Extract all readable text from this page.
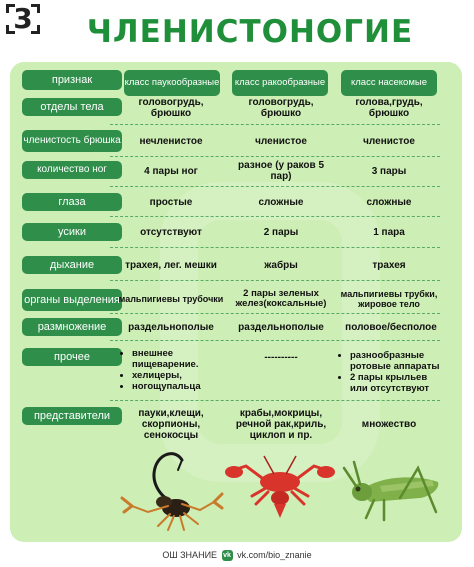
3	ЧЛЕНИСТОНОГИЕ
признак	класс паукообразные	класс ракообразные	класс насекомые
отделы тела
членистость брюшка
количество ног
глаза
усики
дыхание
органы выделения
размножение
прочее
представители
головогрудь, брюшко
головогрудь, брюшко
голова,грудь, брюшко
нечленистое	членистое	членистое
4 пары ног	разное (у раков 5 пар)	3 пары
простые	сложные	сложные
отсутствуют	2 пары	1 пара
трахея, лег. мешки	жабры	трахея
мальпигиевы трубочки	2 пары зеленых желез(коксальные)
мальпигиевы трубки, жировое тело
раздельнополые	раздельнополые	половое/бесполое
• внешнее пищеварение.
• хелицеры,
• ногощупальца
----------
•	разнообразные ротовые аппараты
• 2 пары крыльев или отсутствуют
пауки,клещи, скорпионы, сенокосцы
крабы,мокрицы, речной рак,криль, циклоп и пр.
множество
ОШ ЗНАНИЕ vk vk.com/bio_znanie
